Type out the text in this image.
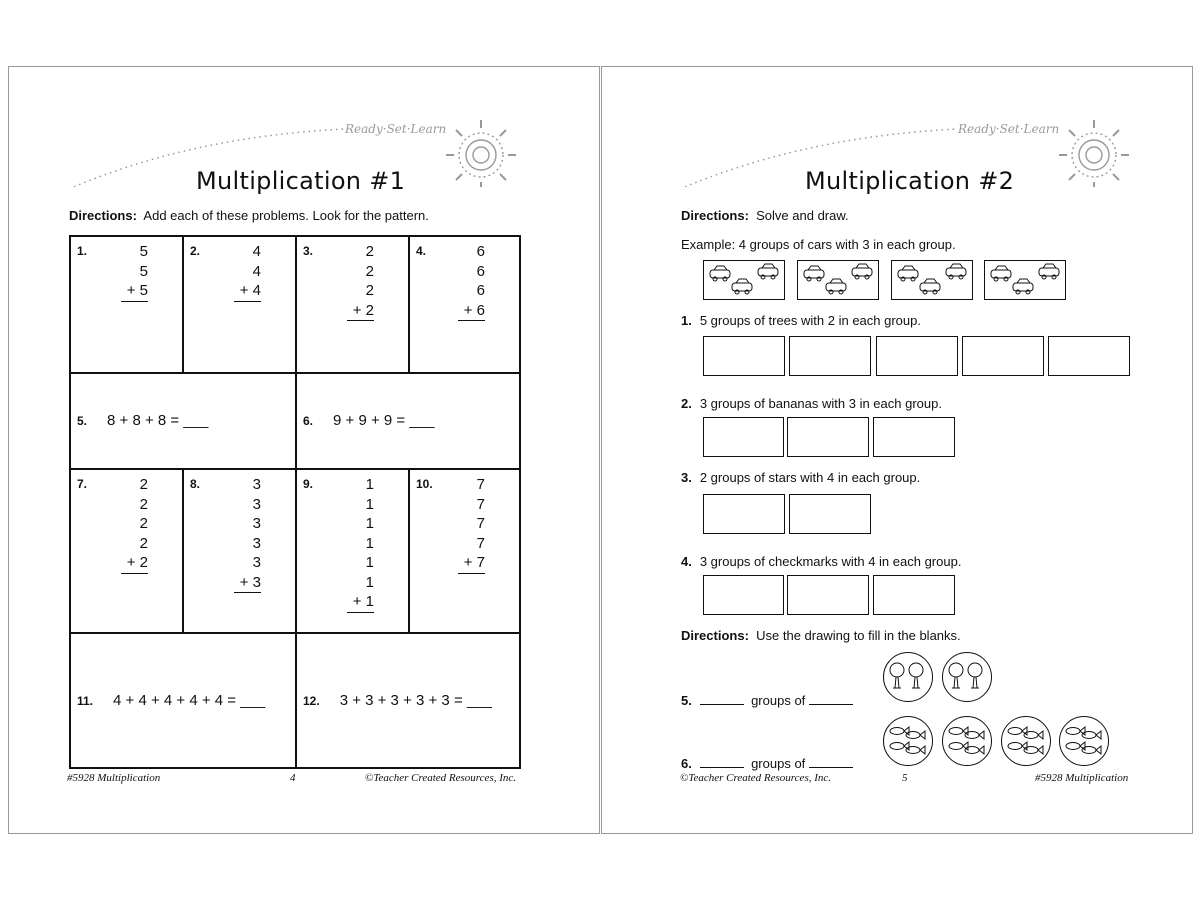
Ready·Set·Learn
Multiplication #1
Directions: Add each of these problems. Look for the pattern.
1.	5
5
+ 5
2.	4
4
+ 4
3.	2
2
2
+ 2
4.	6
6
6
+ 6
5. 8 + 8 + 8 = ___	6. 9 + 9 + 9 = ___
7.	2
2
2
2
+ 2
8.	3
3
3
3
3
+ 3
9.	1
1
1
1
1
1
+ 1
10.	7
7
7
7
+ 7
11. 4 + 4 + 4 + 4 + 4 = ___	12. 3 + 3 + 3 + 3 + 3 = ___
#5928 Multiplication	4	©Teacher Created Resources, Inc.
Ready·Set·Learn
Multiplication #2
Directions: Solve and draw.
Example: 4 groups of cars with 3 in each group.
1. 5 groups of trees with 2 in each group.
2. 3 groups of bananas with 3 in each group.
3. 2 groups of stars with 4 in each group.
4. 3 groups of checkmarks with 4 in each group.
Directions: Use the drawing to fill in the blanks.
5.	groups of
6.	groups of
©Teacher Created Resources, Inc.	5	#5928 Multiplication
